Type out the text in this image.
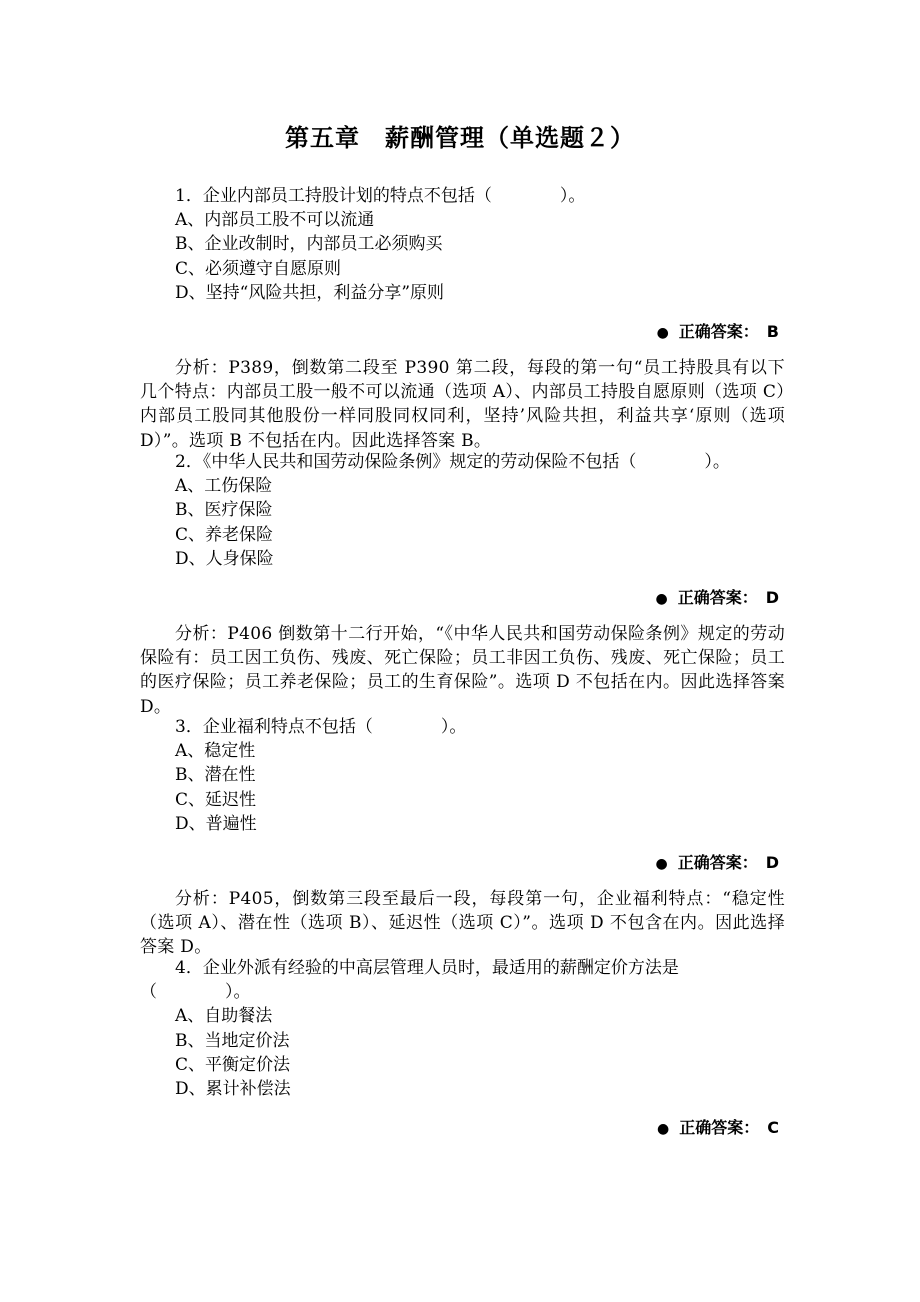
第五章　薪酬管理（单选题２）
1．企业内部员工持股计划的特点不包括（　　　　）。
A、内部员工股不可以流通
B、企业改制时，内部员工必须购买
C、必须遵守自愿原则
D、坚持“风险共担，利益分享”原则
● 正确答案： B

分析：P389，倒数第二段至 P390 第二段，每段的第一句“员工持股具有以下几个特点：内部员工股一般不可以流通（选项 A）、内部员工持股自愿原则（选项 C）内部员工股同其他股份一样同股同权同利，坚持’风险共担，利益共享‘原则（选项 D）”。选项 B 不包括在内。因此选择答案 B。

2．《中华人民共和国劳动保险条例》规定的劳动保险不包括（　　　　）。
A、工伤保险
B、医疗保险
C、养老保险
D、人身保险
● 正确答案： D

分析：P406 倒数第十二行开始，“《中华人民共和国劳动保险条例》规定的劳动保险有：员工因工负伤、残废、死亡保险；员工非因工负伤、残废、死亡保险；员工的医疗保险；员工养老保险；员工的生育保险”。选项 D 不包括在内。因此选择答案 D。

3．企业福利特点不包括（　　　　）。
A、稳定性
B、潜在性
C、延迟性
D、普遍性
● 正确答案： D

分析：P405，倒数第三段至最后一段，每段第一句，企业福利特点：“稳定性（选项 A）、潜在性（选项 B）、延迟性（选项 C）”。选项 D 不包含在内。因此选择答案 D。

4．企业外派有经验的中高层管理人员时，最适用的薪酬定价方法是
（　　　　）。
A、自助餐法
B、当地定价法
C、平衡定价法
D、累计补偿法
● 正确答案： C
